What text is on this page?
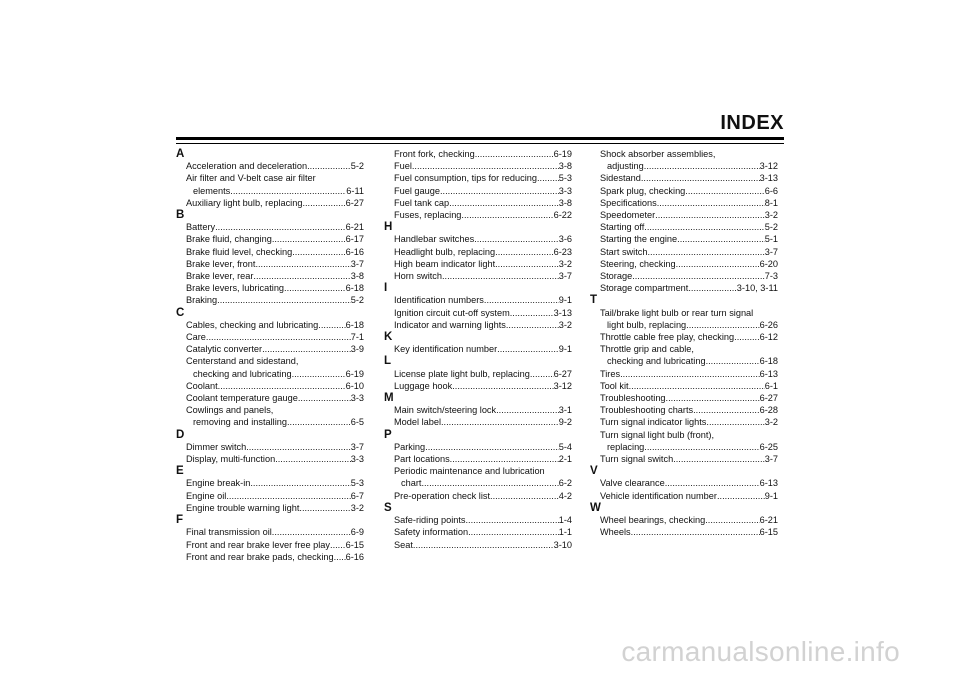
INDEX
A
Acceleration and deceleration .....	5-2
Air filter and V-belt case air filter
elements .....	6-11
Auxiliary light bulb, replacing .....	6-27
B
Battery .....	6-21
Brake fluid, changing .....	6-17
Brake fluid level, checking .....	6-16
Brake lever, front .....	3-7
Brake lever, rear .....	3-8
Brake levers, lubricating .....	6-18
Braking .....	5-2
C
Cables, checking and lubricating .....	6-18
Care .....	7-1
Catalytic converter .....	3-9
Centerstand and sidestand,
checking and lubricating .....	6-19
Coolant .....	6-10
Coolant temperature gauge .....	3-3
Cowlings and panels,
removing and installing .....	6-5
D
Dimmer switch .....	3-7
Display, multi-function .....	3-3
E
Engine break-in .....	5-3
Engine oil .....	6-7
Engine trouble warning light .....	3-2
F
Final transmission oil .....	6-9
Front and rear brake lever free play ..... 6-15
Front and rear brake pads, checking ..... 6-16
Front fork, checking .....	6-19
Fuel .....	3-8
Fuel consumption, tips for reducing ..... 5-3
Fuel gauge .....	3-3
Fuel tank cap .....	3-8
Fuses, replacing .....	6-22
H
Handlebar switches .....	3-6
Headlight bulb, replacing .....	6-23
High beam indicator light .....	3-2
Horn switch .....	3-7
I
Identification numbers .....	9-1
Ignition circuit cut-off system .....	3-13
Indicator and warning lights .....	3-2
K
Key identification number .....	9-1
L
License plate light bulb, replacing .....	6-27
Luggage hook .....	3-12
M
Main switch/steering lock .....	3-1
Model label .....	9-2
P
Parking .....	5-4
Part locations .....	2-1
Periodic maintenance and lubrication
chart .....	6-2
Pre-operation check list .....	4-2
S
Safe-riding points .....	1-4
Safety information .....	1-1
Seat .....	3-10
Shock absorber assemblies,
adjusting .....	3-12
Sidestand .....	3-13
Spark plug, checking .....	6-6
Specifications .....	8-1
Speedometer .....	3-2
Starting off .....	5-2
Starting the engine .....	5-1
Start switch .....	3-7
Steering, checking .....	6-20
Storage .....	7-3
Storage compartment .....	3-10, 3-11
T
Tail/brake light bulb or rear turn signal
light bulb, replacing .....	6-26
Throttle cable free play, checking .....	6-12
Throttle grip and cable,
checking and lubricating .....	6-18
Tires .....	6-13
Tool kit .....	6-1
Troubleshooting .....	6-27
Troubleshooting charts .....	6-28
Turn signal indicator lights .....	3-2
Turn signal light bulb (front),
replacing .....	6-25
Turn signal switch .....	3-7
V
Valve clearance .....	6-13
Vehicle identification number .....	9-1
W
Wheel bearings, checking .....	6-21
Wheels .....	6-15
carmanualsonline.info
